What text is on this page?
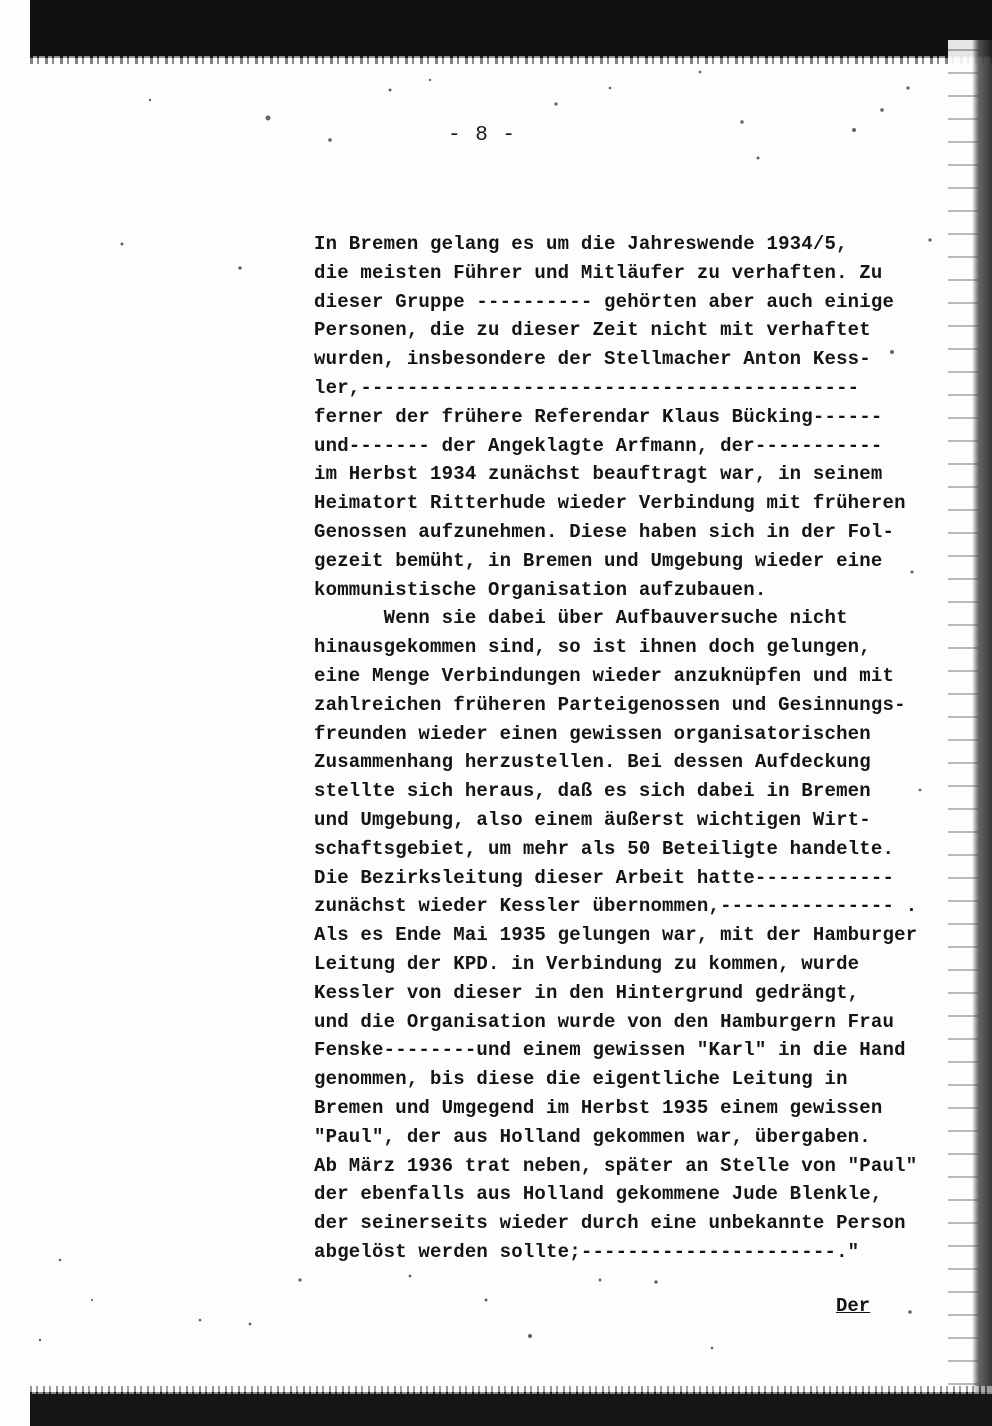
- 8 -
In Bremen gelang es um die Jahreswende 1934/5,
die meisten Führer und Mitläufer zu verhaften. Zu
dieser Gruppe ---------- gehörten aber auch einige
Personen, die zu dieser Zeit nicht mit verhaftet
wurden, insbesondere der Stellmacher Anton Kess-
ler,-------------------------------------------
ferner der frühere Referendar Klaus Bücking------
und------- der Angeklagte Arfmann, der-----------
im Herbst 1934 zunächst beauftragt war, in seinem
Heimatort Ritterhude wieder Verbindung mit früheren
Genossen aufzunehmen. Diese haben sich in der Fol-
gezeit bemüht, in Bremen und Umgebung wieder eine
kommunistische Organisation aufzubauen.
Wenn sie dabei über Aufbauversuche nicht
hinausgekommen sind, so ist ihnen doch gelungen,
eine Menge Verbindungen wieder anzuknüpfen und mit
zahlreichen früheren Parteigenossen und Gesinnungs-
freunden wieder einen gewissen organisatorischen
Zusammenhang herzustellen. Bei dessen Aufdeckung
stellte sich heraus, daß es sich dabei in Bremen
und Umgebung, also einem äußerst wichtigen Wirt-
schaftsgebiet, um mehr als 50 Beteiligte handelte.
Die Bezirksleitung dieser Arbeit hatte------------
zunächst wieder Kessler übernommen,--------------- .
Als es Ende Mai 1935 gelungen war, mit der Hamburger
Leitung der KPD. in Verbindung zu kommen, wurde
Kessler von dieser in den Hintergrund gedrängt,
und die Organisation wurde von den Hamburgern Frau
Fenske--------und einem gewissen "Karl" in die Hand
genommen, bis diese die eigentliche Leitung in
Bremen und Umgegend im Herbst 1935 einem gewissen
"Paul", der aus Holland gekommen war, übergaben.
Ab März 1936 trat neben, später an Stelle von "Paul"
der ebenfalls aus Holland gekommene Jude Blenkle,
der seinerseits wieder durch eine unbekannte Person
abgelöst werden sollte;----------------------."
Der
